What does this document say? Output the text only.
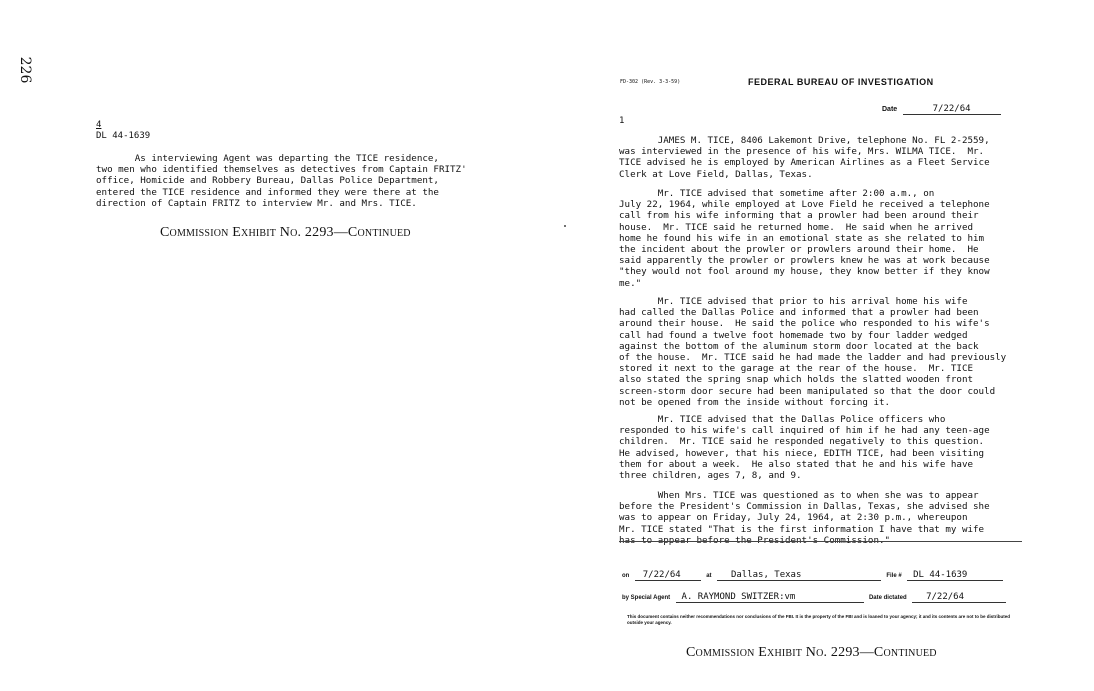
226
4
DL 44-1639

As interviewing Agent was departing the TICE residence,
two men who identified themselves as detectives from Captain FRITZ'
office, Homicide and Robbery Bureau, Dallas Police Department,
entered the TICE residence and informed they were there at the
direction of Captain FRITZ to interview Mr. and Mrs. TICE.

Commission Exhibit No. 2293—Continued
FD-302 (Rev. 3-3-59)	FEDERAL BUREAU OF INVESTIGATION
Date	7/22/64
1

JAMES M. TICE, 8406 Lakemont Drive, telephone No. FL 2-2559,
was interviewed in the presence of his wife, Mrs. WILMA TICE.  Mr.
TICE advised he is employed by American Airlines as a Fleet Service
Clerk at Love Field, Dallas, Texas.

Mr. TICE advised that sometime after 2:00 a.m., on
July 22, 1964, while employed at Love Field he received a telephone
call from his wife informing that a prowler had been around their
house.  Mr. TICE said he returned home.  He said when he arrived
home he found his wife in an emotional state as she related to him
the incident about the prowler or prowlers around their home.  He
said apparently the prowler or prowlers knew he was at work because
"they would not fool around my house, they know better if they know
me."

Mr. TICE advised that prior to his arrival home his wife
had called the Dallas Police and informed that a prowler had been
around their house.  He said the police who responded to his wife's
call had found a twelve foot homemade two by four ladder wedged
against the bottom of the aluminum storm door located at the back
of the house.  Mr. TICE said he had made the ladder and had previously
stored it next to the garage at the rear of the house.  Mr. TICE
also stated the spring snap which holds the slatted wooden front
screen-storm door secure had been manipulated so that the door could
not be opened from the inside without forcing it.

Mr. TICE advised that the Dallas Police officers who
responded to his wife's call inquired of him if he had any teen-age
children.  Mr. TICE said he responded negatively to this question.
He advised, however, that his niece, EDITH TICE, had been visiting
them for about a week.  He also stated that he and his wife have
three children, ages 7, 8, and 9.

When Mrs. TICE was questioned as to when she was to appear
before the President's Commission in Dallas, Texas, she advised she
was to appear on Friday, July 24, 1964, at 2:30 p.m., whereupon
Mr. TICE stated "That is the first information I have that my wife

on 7/22/64	at Dallas, Texas	File # DL 44-1639
by Special Agent A. RAYMOND SWITZER:vm	Date dictated 7/22/64
This document contains neither recommendations nor conclusions of the FBI. It is the property of the FBI and is loaned to your agency; it and its contents are not to be distributed outside your agency.
Commission Exhibit No. 2293—Continued
